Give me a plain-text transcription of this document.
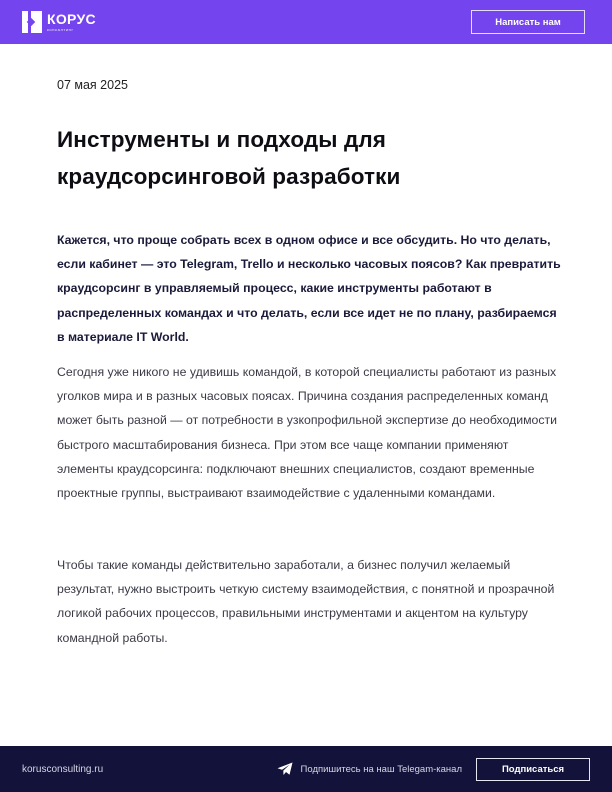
КОРУС
консалтинг
Написать нам
07 мая 2025
Инструменты и подходы для краудсорсинговой разработки

Кажется, что проще собрать всех в одном офисе и все обсудить. Но что делать, если кабинет — это Telegram, Trello и несколько часовых поясов? Как превратить краудсорсинг в управляемый процесс, какие инструменты работают в распределенных командах и что делать, если все идет не по плану, разбираемся в материале IT World.

Сегодня уже никого не удивишь командой, в которой специалисты работают из разных уголков мира и в разных часовых поясах. Причина создания распределенных команд может быть разной — от потребности в узкопрофильной экспертизе до необходимости быстрого масштабирования бизнеса. При этом все чаще компании применяют элементы краудсорсинга: подключают внешних специалистов, создают временные проектные группы, выстраивают взаимодействие с удаленными командами.

Чтобы такие команды действительно заработали, а бизнес получил желаемый результат, нужно выстроить четкую систему взаимодействия, с понятной и прозрачной логикой рабочих процессов, правильными инструментами и акцентом на культуру командной работы.

korusconsulting.ru	Подпишитесь на наш Telegam-канал	Подписаться
